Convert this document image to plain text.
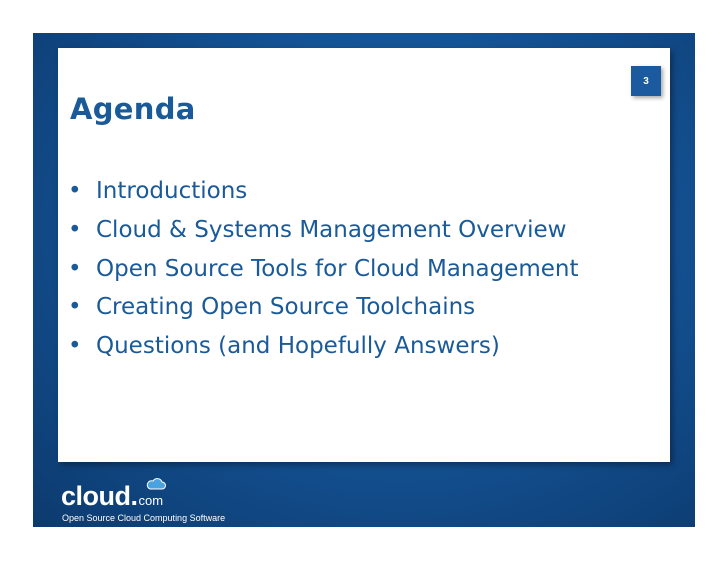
3
Agenda
• Introductions
• Cloud & Systems Management Overview
• Open Source Tools for Cloud Management
• Creating Open Source Toolchains
• Questions (and Hopefully Answers)
cloud.com
Open Source Cloud Computing Software
